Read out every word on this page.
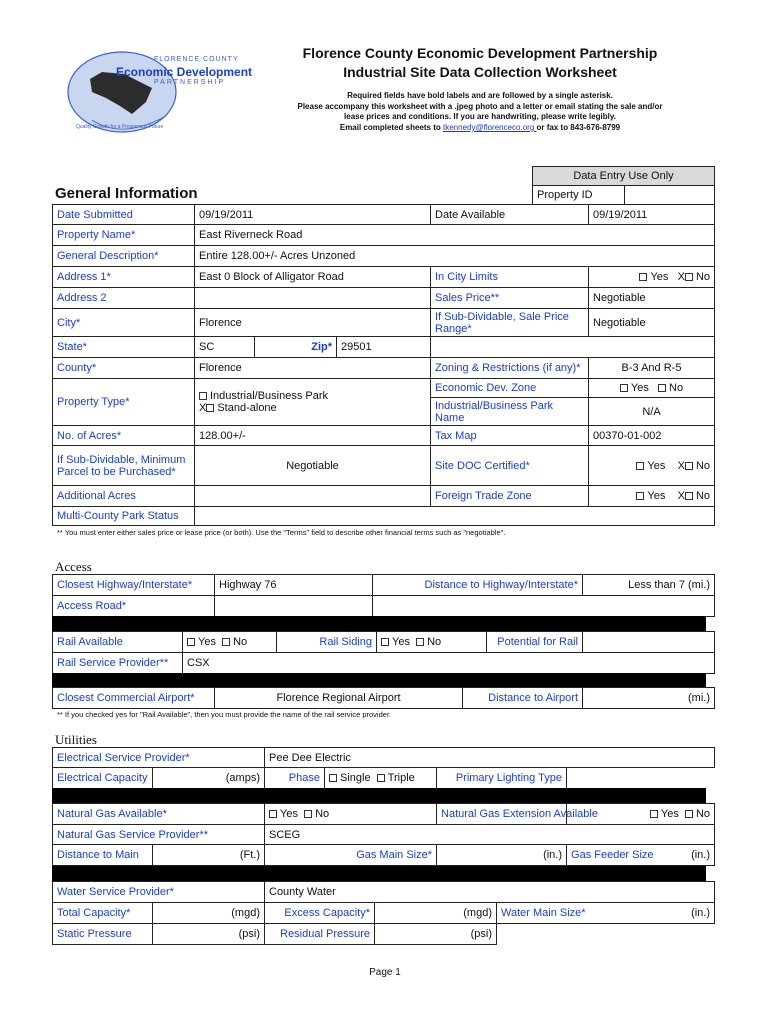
FLORENCE COUNTY
Economic Development
PARTNERSHIP
Quality Growth for a Prosperous Future
Florence County Economic Development Partnership
Industrial Site Data Collection Worksheet
Required fields have bold labels and are followed by a single asterisk.
Please accompany this worksheet with a .jpeg photo and a letter or email stating the sale and/or
lease prices and conditions. If you are handwriting, please write legibly.
Email completed sheets to tkennedy@florenceco.org or fax to 843-676-8799
Data Entry Use Only
Property ID	
General Information
Date Submitted	09/19/2011			Date Available	09/19/2011
Property Name*	East Riverneck Road				
General Description*	Entire 128.00+/- Acres Unzoned				
Address 1*	East 0 Block of Alligator Road			In City Limits	Yes X No
Address 2				Sales Price**	Negotiable
City*	Florence			If Sub-Dividable, Sale Price Range*	Negotiable
State*	SC	Zip*	29501		
County*	Florence			Zoning & Restrictions (if any)*	B-3 And R-5
Property Type*	Industrial/Business Park
X Stand-alone			Economic Dev. Zone	Yes No
				Industrial/Business Park Name	N/A
No. of Acres*	128.00+/-			Tax Map	00370-01-002
If Sub-Dividable, Minimum Parcel to be Purchased*	Negotiable			Site DOC Certified*	Yes X No
Additional Acres				Foreign Trade Zone	Yes X No
Multi-County Park Status					
** You must enter either sales price or lease price (or both). Use the "Terms" field to describe other financial terms such as "negotiable".
Access
Closest Highway/Interstate*	Highway 76	Distance to Highway/Interstate*	Less than 7 (mi.)
Access Road*			
Rail Available	Yes No	Rail Siding	Yes No	Potential for Rail	
Rail Service Provider**	CSX				
Closest Commercial Airport*	Florence Regional Airport	Distance to Airport	(mi.)
** If you checked yes for "Rail Available", then you must provide the name of the rail service provider.
Utilities
Electrical Service Provider*		Pee Dee Electric			
Electrical Capacity	(amps)	Phase	Single Triple	Primary Lighting Type	
Natural Gas Available*		Yes No	Natural Gas Extension Available	Yes No
Natural Gas Service Provider**		SCEG		
Distance to Main	(Ft.)	Gas Main Size*	(in.)	Gas Feeder Size (in.)
Water Service Provider*		County Water		
Total Capacity*	(mgd)	Excess Capacity*	(mgd)	Water Main Size* (in.)
Static Pressure	(psi)	Residual Pressure	(psi)	
Page 1
